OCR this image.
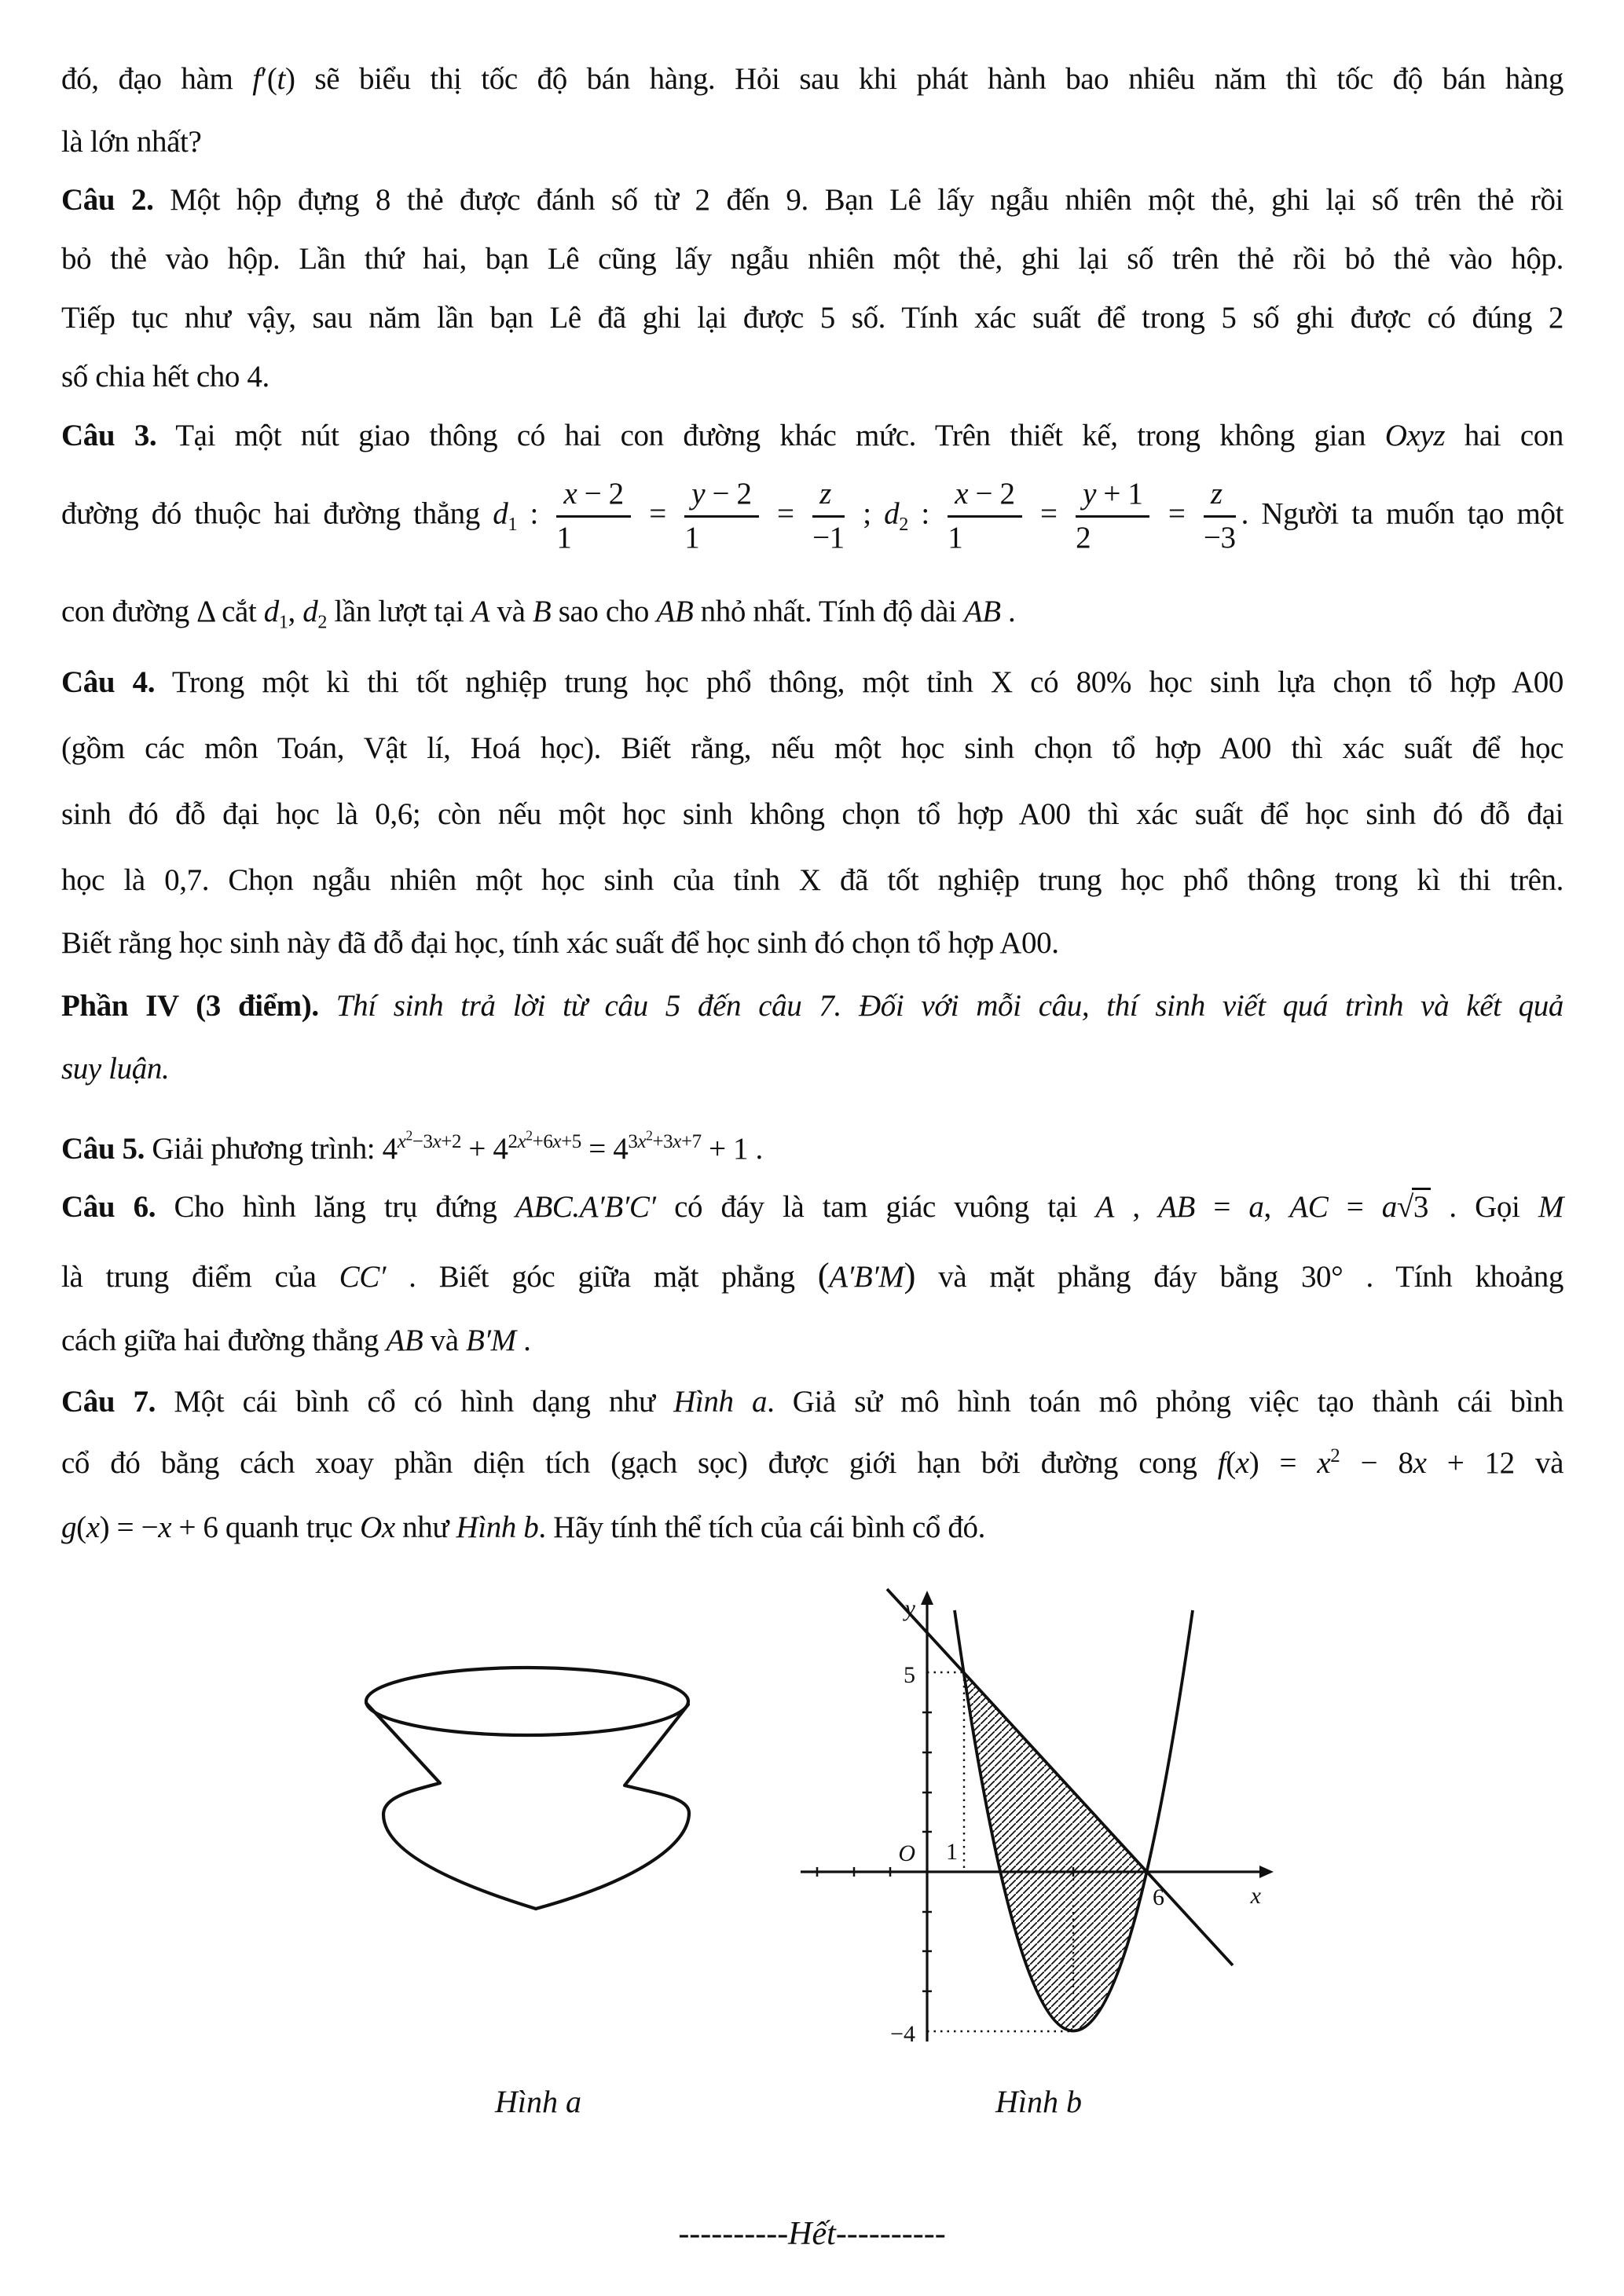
đó, đạo hàm f′(t) sẽ biểu thị tốc độ bán hàng. Hỏi sau khi phát hành bao nhiêu năm thì tốc độ bán hàng
là lớn nhất?
Câu 2. Một hộp đựng 8 thẻ được đánh số từ 2 đến 9. Bạn Lê lấy ngẫu nhiên một thẻ, ghi lại số trên thẻ rồi
bỏ thẻ vào hộp. Lần thứ hai, bạn Lê cũng lấy ngẫu nhiên một thẻ, ghi lại số trên thẻ rồi bỏ thẻ vào hộp.
Tiếp tục như vậy, sau năm lần bạn Lê đã ghi lại được 5 số. Tính xác suất để trong 5 số ghi được có đúng 2
số chia hết cho 4.
Câu 3. Tại một nút giao thông có hai con đường khác mức. Trên thiết kế, trong không gian Oxyz hai con
đường đó thuộc hai đường thẳng $d_1$ : $\frac{x - 2}{1} = \frac{y - 2}{1} = \frac{z}{-1}$ ; $d_2$ : $\frac{x - 2}{1} = \frac{y + 1}{2} = \frac{z}{-3}$ . Người ta muốn tạo một
con đường Δ cắt $d_1$, $d_2$ lần lượt tại A và B sao cho AB nhỏ nhất. Tính độ dài AB .
Câu 4. Trong một kì thi tốt nghiệp trung học phổ thông, một tỉnh X có 80% học sinh lựa chọn tổ hợp A00
(gồm các môn Toán, Vật lí, Hoá học). Biết rằng, nếu một học sinh chọn tổ hợp A00 thì xác suất để học
sinh đó đỗ đại học là 0,6; còn nếu một học sinh không chọn tổ hợp A00 thì xác suất để học sinh đó đỗ đại
học là 0,7. Chọn ngẫu nhiên một học sinh của tỉnh X đã tốt nghiệp trung học phổ thông trong kì thi trên.
Biết rằng học sinh này đã đỗ đại học, tính xác suất để học sinh đó chọn tổ hợp A00.
Phần IV (3 điểm). Thí sinh trả lời từ câu 5 đến câu 7. Đối với mỗi câu, thí sinh viết quá trình và kết quả
suy luận.
Câu 5. Giải phương trình: $4^{x^2-3x+2} + 4^{2x^2+6x+5} = 4^{3x^2+3x+7} + 1$ .
Câu 6. Cho hình lăng trụ đứng ABC.A′B′C′ có đáy là tam giác vuông tại A , AB = a, AC = a√3 . Gọi M
là trung điểm của CC′ . Biết góc giữa mặt phẳng (A′B′M) và mặt phẳng đáy bằng 30° . Tính khoảng
cách giữa hai đường thẳng AB và B′M .
Câu 7. Một cái bình cổ có hình dạng như Hình a. Giả sử mô hình toán mô phỏng việc tạo thành cái bình
cổ đó bằng cách xoay phần diện tích (gạch sọc) được giới hạn bởi đường cong $f(x) = x^2 - 8x + 12$ và
g(x) = −x + 6 quanh trục Ox như Hình b. Hãy tính thể tích của cái bình cổ đó.
y
x
O
5
1
6
−4
Hình a	Hình b
----------Hết----------
